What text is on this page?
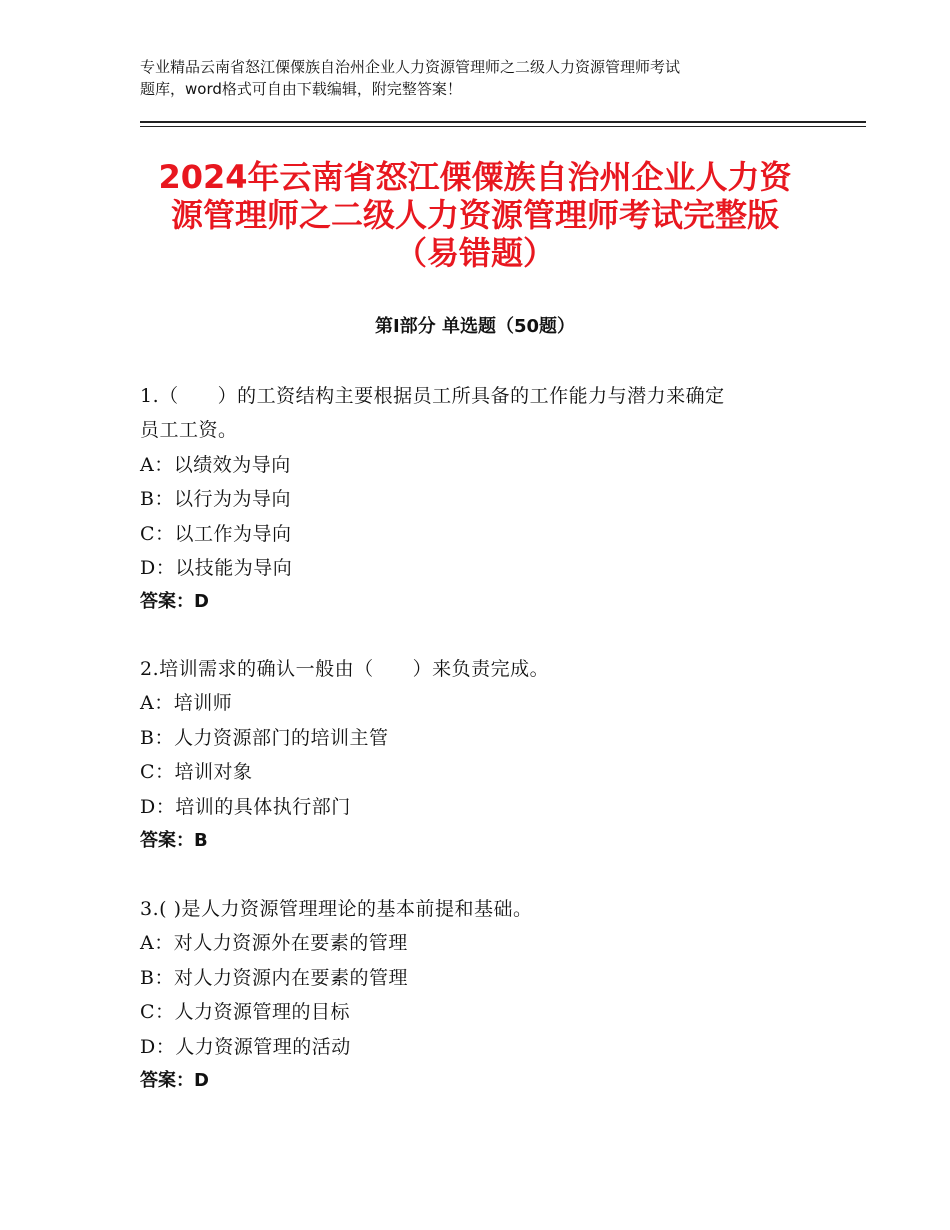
专业精品云南省怒江傈僳族自治州企业人力资源管理师之二级人力资源管理师考试
题库，word格式可自由下载编辑，附完整答案！
2024年云南省怒江傈僳族自治州企业人力资
源管理师之二级人力资源管理师考试完整版
（易错题）
第Ⅰ部分 单选题（50题）
1.（　　）的工资结构主要根据员工所具备的工作能力与潜力来确定
员工工资。
A：以绩效为导向
B：以行为为导向
C：以工作为导向
D：以技能为导向
答案：D
2.培训需求的确认一般由（　　）来负责完成。
A：培训师
B：人力资源部门的培训主管
C：培训对象
D：培训的具体执行部门
答案：B
3.( )是人力资源管理理论的基本前提和基础。
A：对人力资源外在要素的管理
B：对人力资源内在要素的管理
C：人力资源管理的目标
D：人力资源管理的活动
答案：D
